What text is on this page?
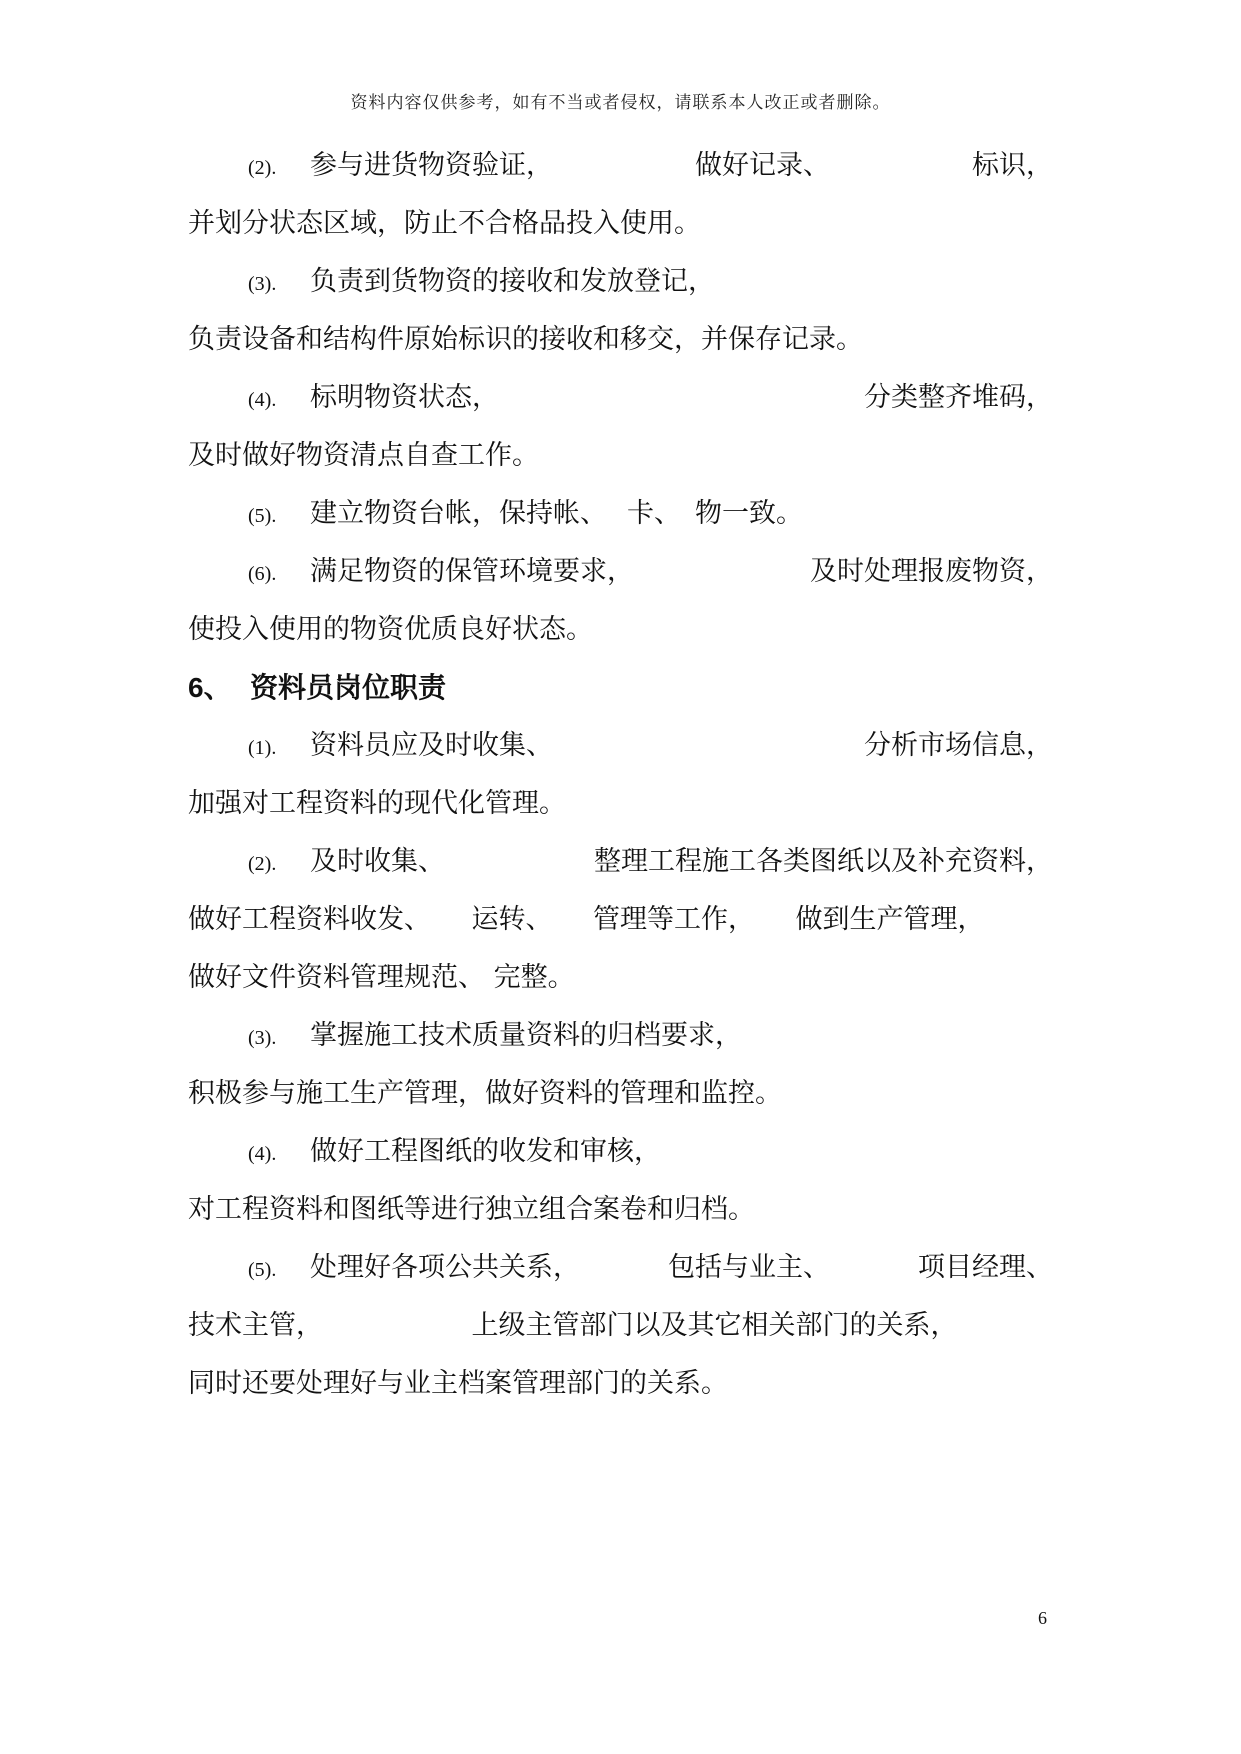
资料内容仅供参考，如有不当或者侵权，请联系本人改正或者删除。
(2).	参与进货物资验证，	做好记录、	标识，
并划分状态区域，防止不合格品投入使用。
(3).	负责到货物资的接收和发放登记，
负责设备和结构件原始标识的接收和移交，并保存记录。
(4).	标明物资状态，	分类整齐堆码，
及时做好物资清点自查工作。
(5).	建立物资台帐，保持帐、 卡、 物一致。
(6).	满足物资的保管环境要求，	及时处理报废物资，
使投入使用的物资优质良好状态。
6、 资料员岗位职责
(1).	资料员应及时收集、	分析市场信息，
加强对工程资料的现代化管理。
(2).	及时收集、	整理工程施工各类图纸以及补充资料，
做好工程资料收发、　　运转、　　管理等工作，　　做到生产管理，
做好文件资料管理规范、 完整。
(3).	掌握施工技术质量资料的归档要求，
积极参与施工生产管理，做好资料的管理和监控。
(4).	做好工程图纸的收发和审核，
对工程资料和图纸等进行独立组合案卷和归档。
(5).	处理好各项公共关系，	包括与业主、	项目经理、
技术主管，　　　　　　上级主管部门以及其它相关部门的关系，
同时还要处理好与业主档案管理部门的关系。
6
